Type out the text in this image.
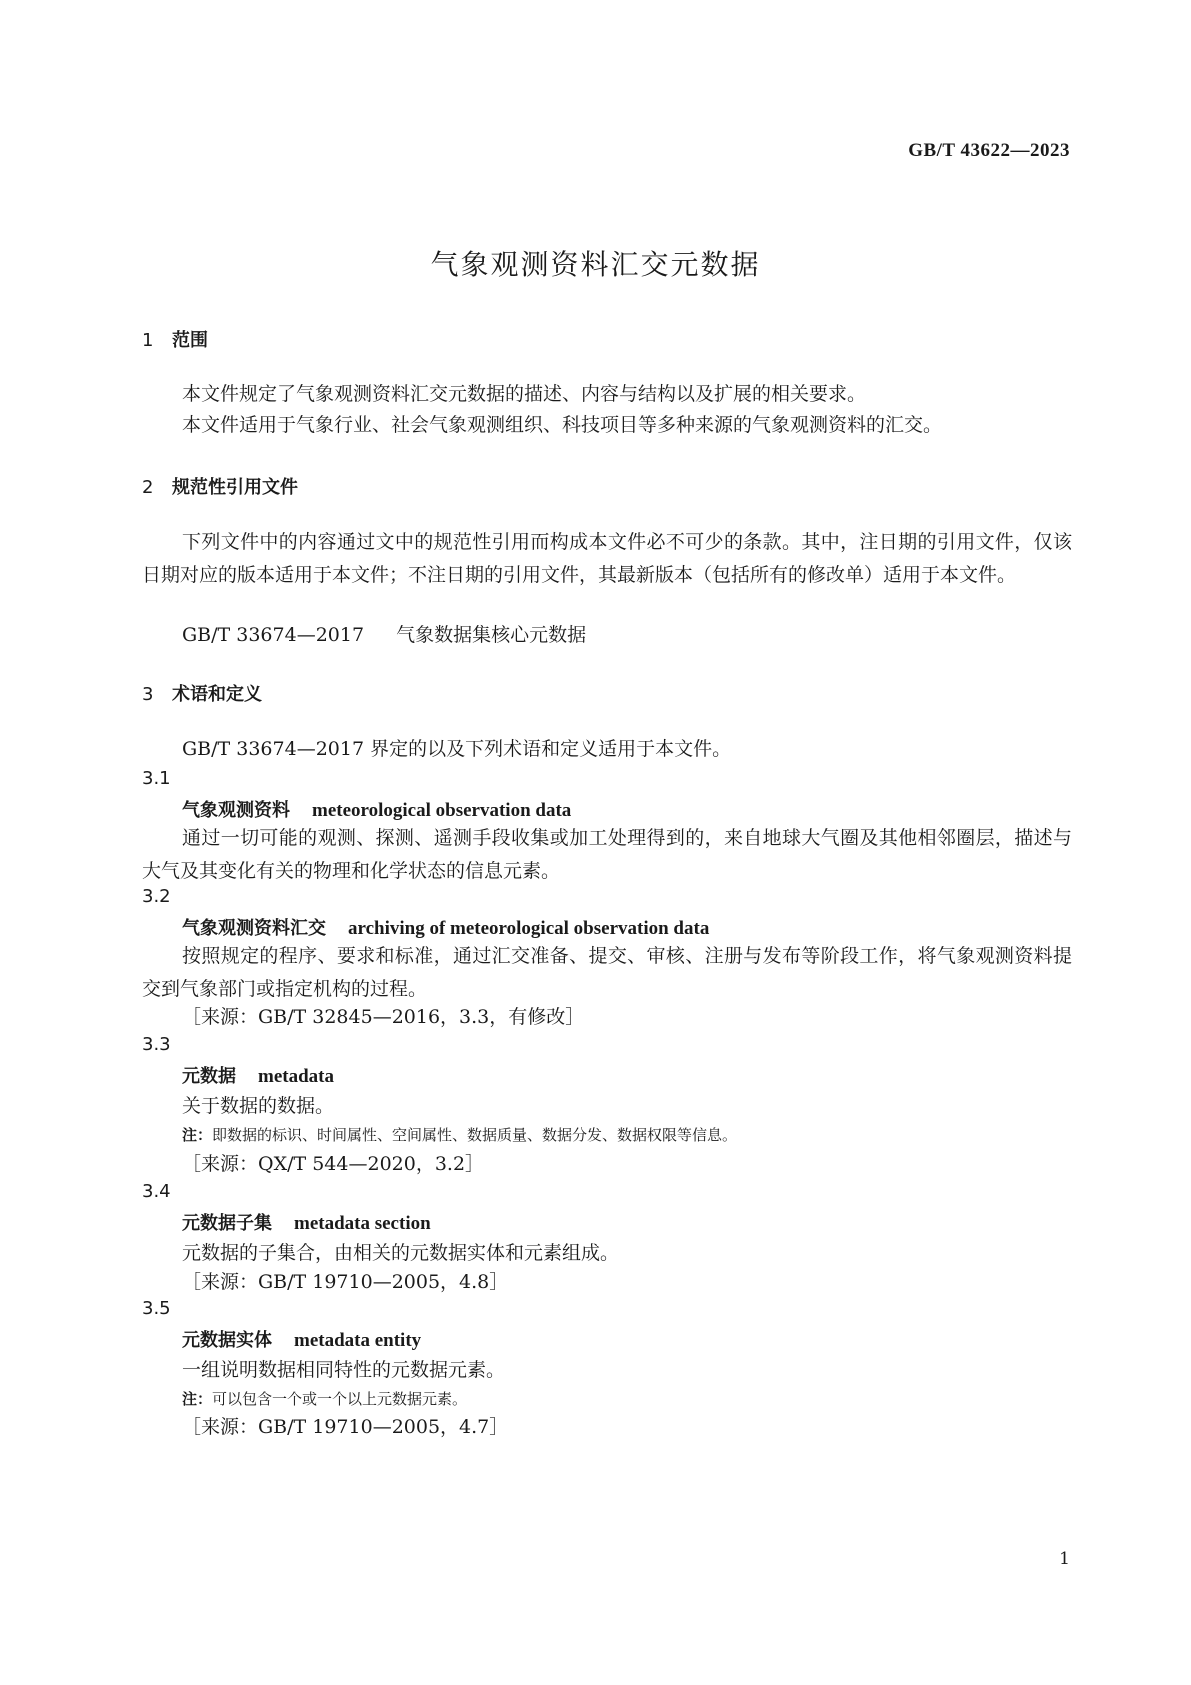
GB/T 43622—2023
气象观测资料汇交元数据
1 范围
本文件规定了气象观测资料汇交元数据的描述、内容与结构以及扩展的相关要求。
本文件适用于气象行业、社会气象观测组织、科技项目等多种来源的气象观测资料的汇交。
2 规范性引用文件
下列文件中的内容通过文中的规范性引用而构成本文件必不可少的条款。其中，注日期的引用文件，仅该日期对应的版本适用于本文件；不注日期的引用文件，其最新版本（包括所有的修改单）适用于本文件。
GB/T 33674—2017 气象数据集核心元数据
3 术语和定义
GB/T 33674—2017 界定的以及下列术语和定义适用于本文件。
3.1
气象观测资料 meteorological observation data
通过一切可能的观测、探测、遥测手段收集或加工处理得到的，来自地球大气圈及其他相邻圈层，描述与大气及其变化有关的物理和化学状态的信息元素。
3.2
气象观测资料汇交 archiving of meteorological observation data
按照规定的程序、要求和标准，通过汇交准备、提交、审核、注册与发布等阶段工作，将气象观测资料提交到气象部门或指定机构的过程。
［来源：GB/T 32845—2016，3.3，有修改］
3.3
元数据 metadata
关于数据的数据。
注：即数据的标识、时间属性、空间属性、数据质量、数据分发、数据权限等信息。
［来源：QX/T 544—2020，3.2］
3.4
元数据子集 metadata section
元数据的子集合，由相关的元数据实体和元素组成。
［来源：GB/T 19710—2005，4.8］
3.5
元数据实体 metadata entity
一组说明数据相同特性的元数据元素。
注：可以包含一个或一个以上元数据元素。
［来源：GB/T 19710—2005，4.7］
1
